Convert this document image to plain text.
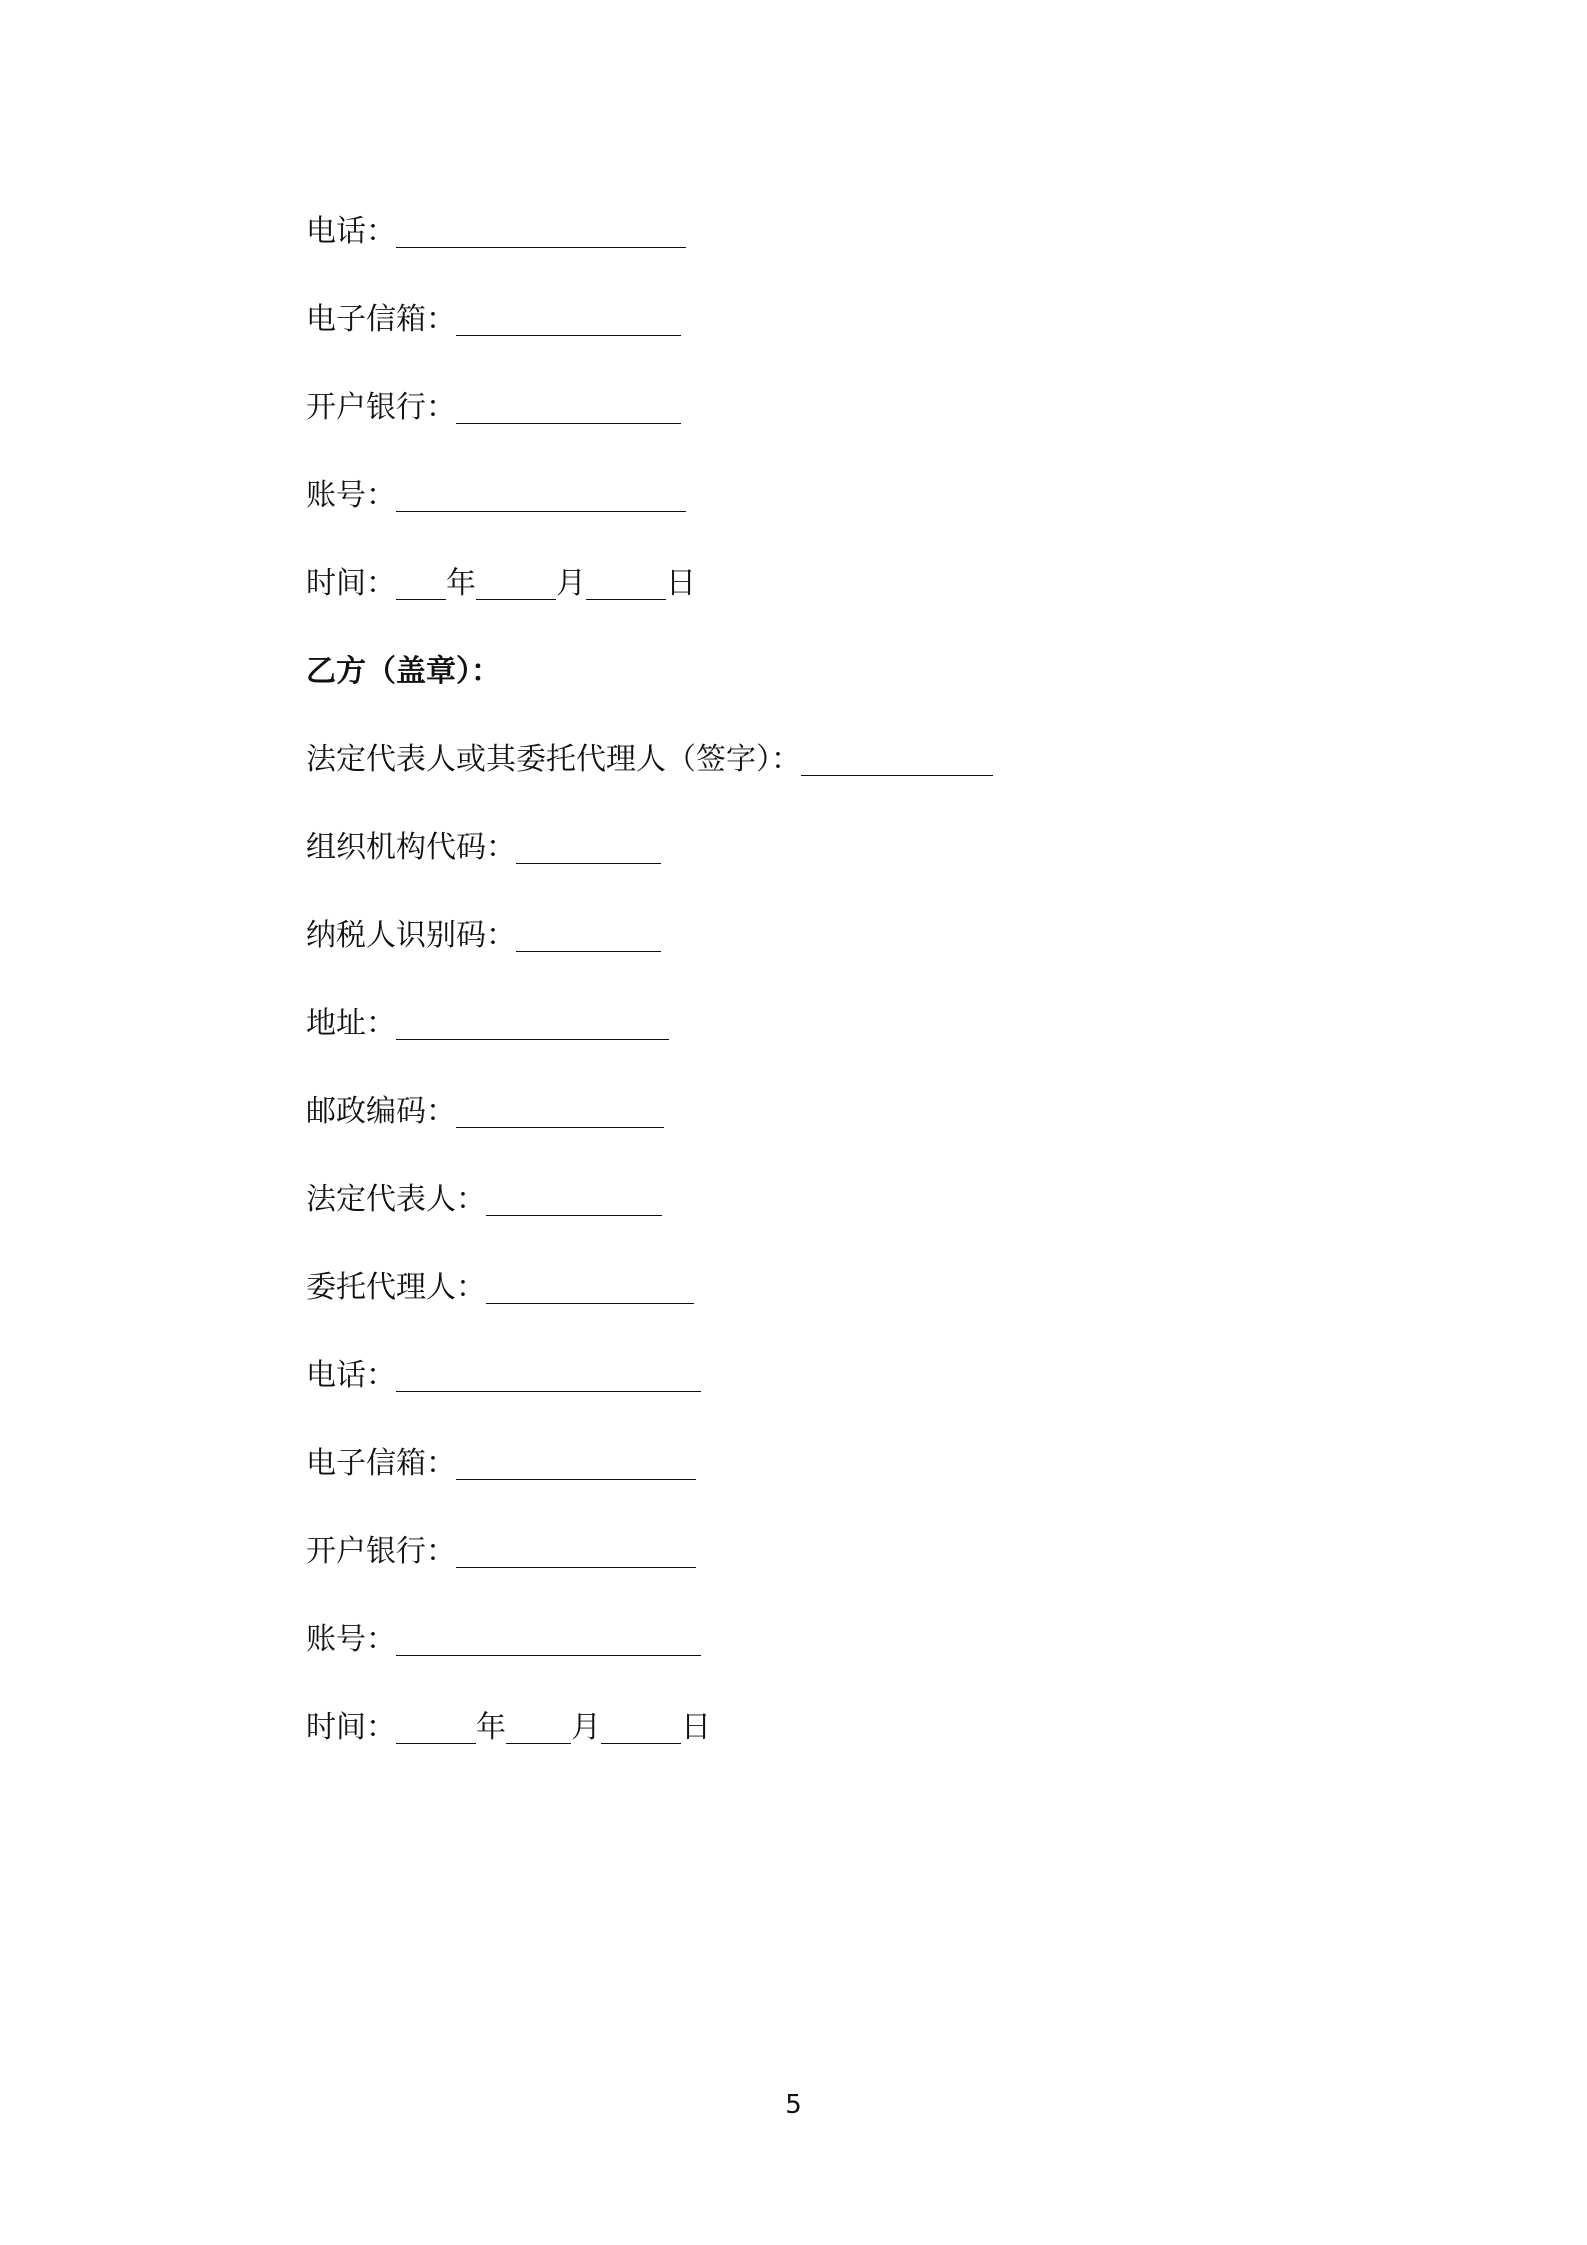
电话：
电子信箱：
开户银行：
账号：
时间： 年	月	日
乙方（盖章）：
法定代表人或其委托代理人（签字）：
组织机构代码：
纳税人识别码：
地址：
邮政编码：
法定代表人：
委托代理人：
电话：
电子信箱：
开户银行：
账号：
时间：	年 月	日
5
